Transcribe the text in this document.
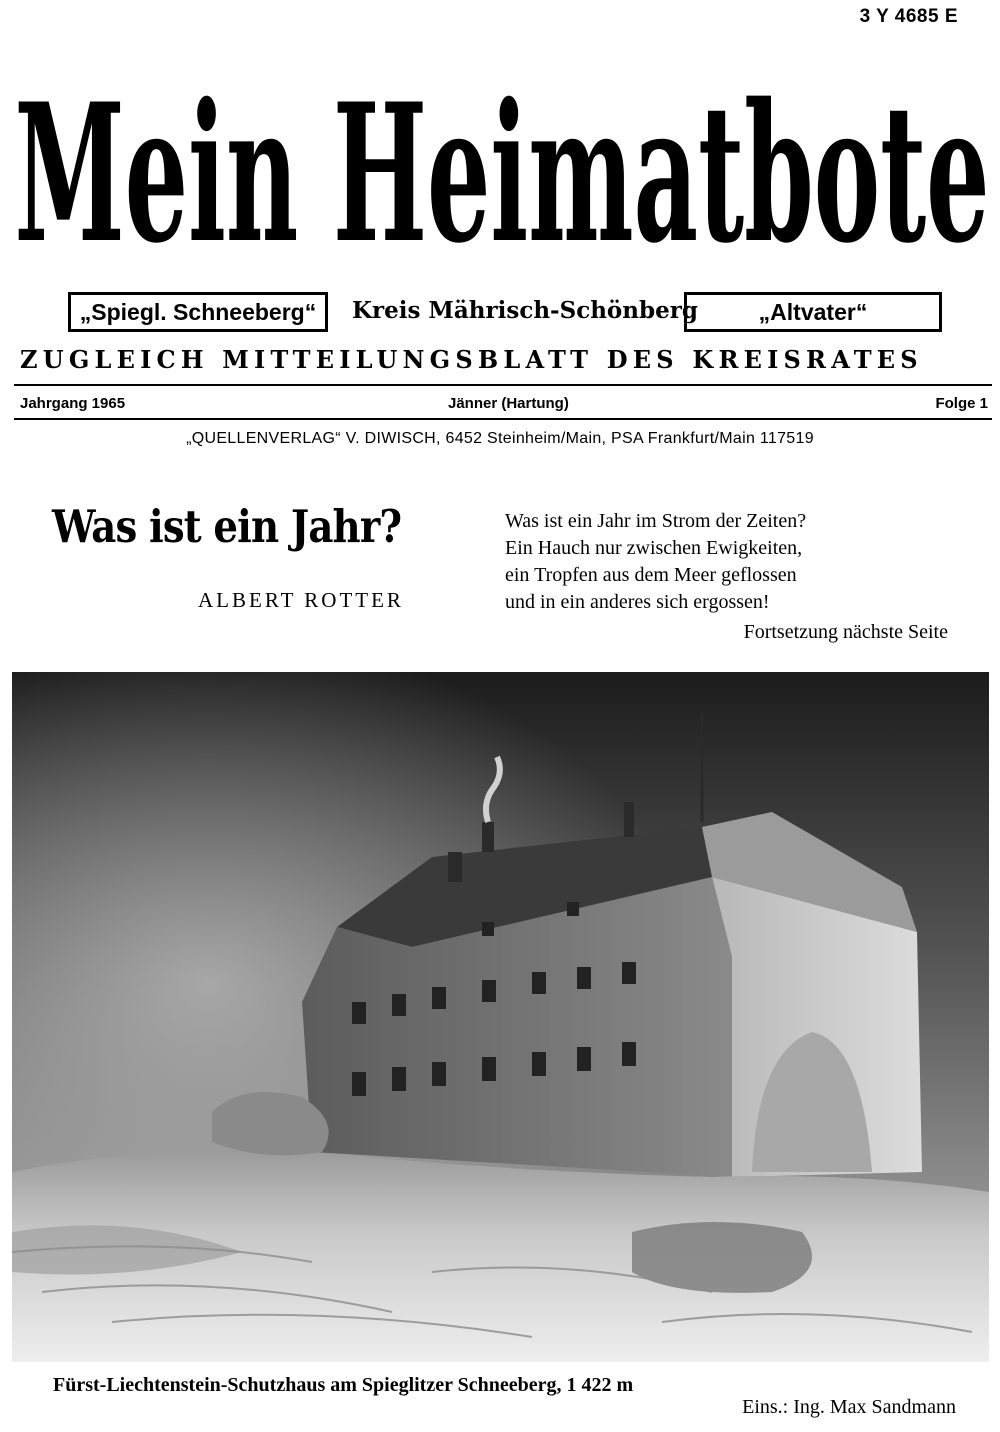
3 Y 4685 E
Mein Heimatbote
„Spiegl. Schneeberg“ Kreis Mährisch-Schönberg	„Altvater“
ZUGLEICH MITTEILUNGSBLATT DES KREISRATES
Jahrgang 1965	Jänner (Hartung)	Folge 1
„QUELLENVERLAG“ V. DIWISCH, 6452 Steinheim/Main, PSA Frankfurt/Main 117519
Was ist ein Jahr?
ALBERT ROTTER
Was ist ein Jahr im Strom der Zeiten?
Ein Hauch nur zwischen Ewigkeiten,
ein Tropfen aus dem Meer geflossen
und in ein anderes sich ergossen!
Fortsetzung nächste Seite
Fürst-Liechtenstein-Schutzhaus am Spieglitzer Schneeberg, 1 422 m
Eins.: Ing. Max Sandmann
